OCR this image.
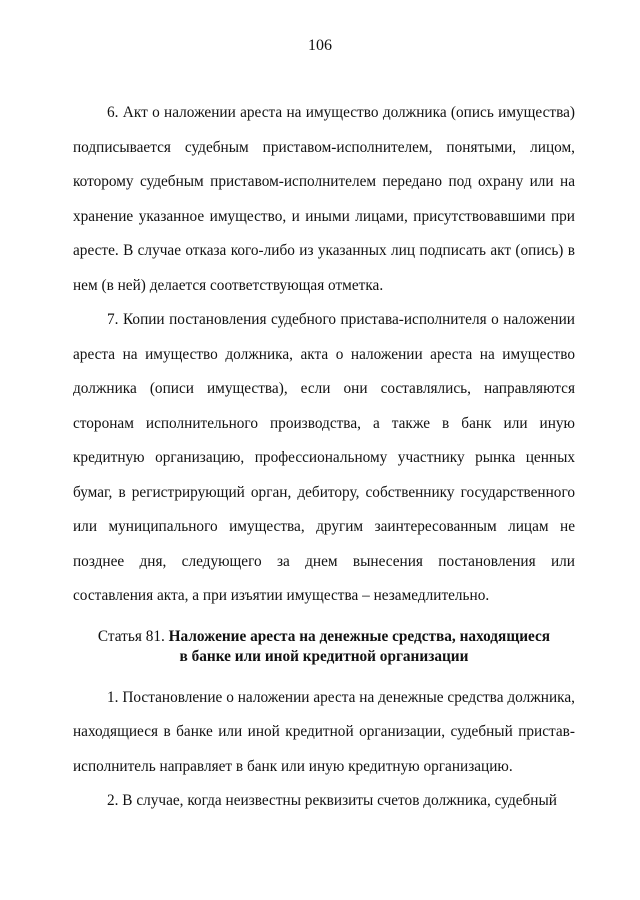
106

6. Акт о наложении ареста на имущество должника (опись имущества) подписывается судебным приставом-исполнителем, понятыми, лицом, которому судебным приставом-исполнителем передано под охрану или на хранение указанное имущество, и иными лицами, присутствовавшими при аресте. В случае отказа кого-либо из указанных лиц подписать акт (опись) в нем (в ней) делается соответствующая отметка.

7. Копии постановления судебного пристава-исполнителя о наложении ареста на имущество должника, акта о наложении ареста на имущество должника (описи имущества), если они составлялись, направляются сторонам исполнительного производства, а также в банк или иную кредитную организацию, профессиональному участнику рынка ценных бумаг, в регистрирующий орган, дебитору, собственнику государственного или муниципального имущества, другим заинтересованным лицам не позднее дня, следующего за днем вынесения постановления или составления акта, а при изъятии имущества – незамедлительно.

Статья 81. Наложение ареста на денежные средства, находящиеся
в банке или иной кредитной организации

1. Постановление о наложении ареста на денежные средства должника, находящиеся в банке или иной кредитной организации, судебный пристав-исполнитель направляет в банк или иную кредитную организацию.

2. В случае, когда неизвестны реквизиты счетов должника, судебный
